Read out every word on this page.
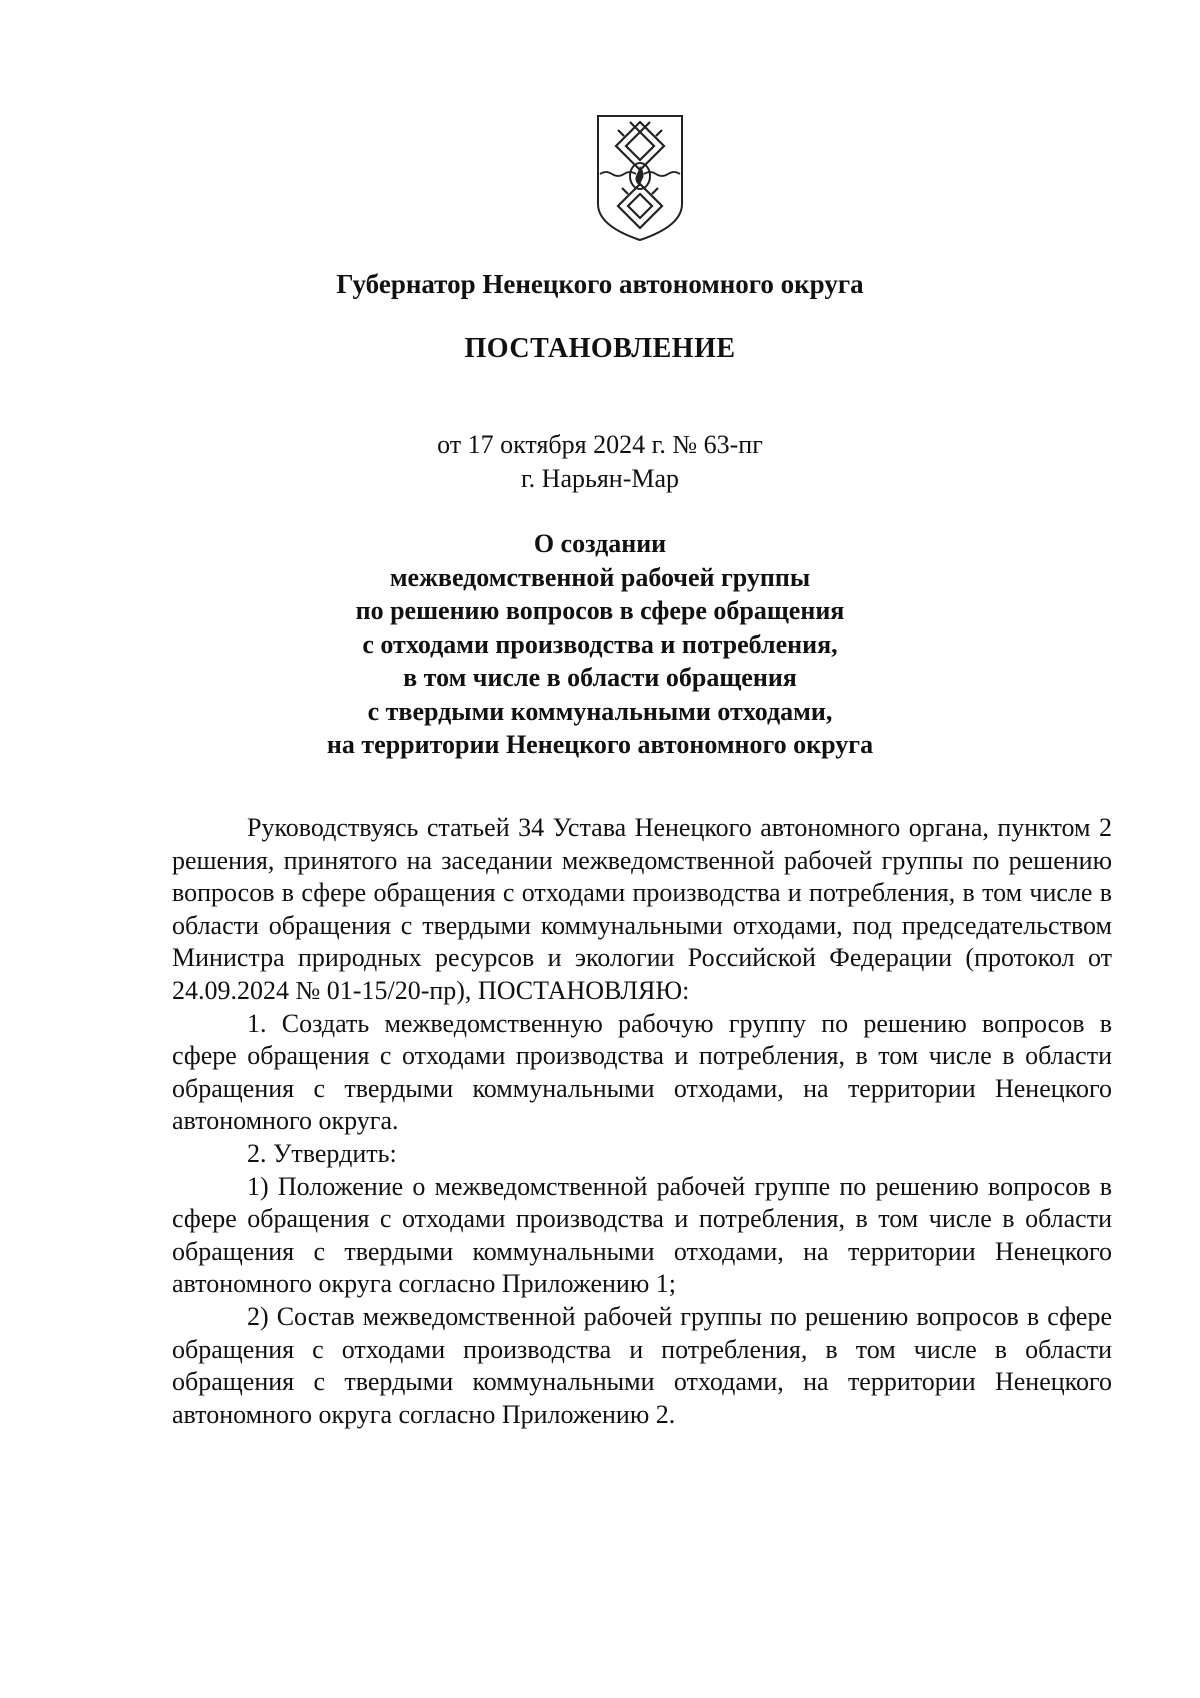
Губернатор Ненецкого автономного округа
ПОСТАНОВЛЕНИЕ
от 17 октября 2024 г. № 63-пг
г. Нарьян-Мар
О создании
межведомственной рабочей группы
по решению вопросов в сфере обращения
с отходами производства и потребления,
в том числе в области обращения
с твердыми коммунальными отходами,
на территории Ненецкого автономного округа

Руководствуясь статьей 34 Устава Ненецкого автономного органа, пунктом 2 решения, принятого на заседании межведомственной рабочей группы по решению вопросов в сфере обращения с отходами производства и потребления, в том числе в области обращения с твердыми коммунальными отходами, под председательством Министра природных ресурсов и экологии Российской Федерации (протокол от 24.09.2024 № 01-15/20-пр), ПОСТАНОВЛЯЮ:

1. Создать межведомственную рабочую группу по решению вопросов в сфере обращения с отходами производства и потребления, в том числе в области обращения с твердыми коммунальными отходами, на территории Ненецкого автономного округа.

2. Утвердить:

1) Положение о межведомственной рабочей группе по решению вопросов в сфере обращения с отходами производства и потребления, в том числе в области обращения с твердыми коммунальными отходами, на территории Ненецкого автономного округа согласно Приложению 1;

2) Состав межведомственной рабочей группы по решению вопросов в сфере обращения с отходами производства и потребления, в том числе в области обращения с твердыми коммунальными отходами, на территории Ненецкого автономного округа согласно Приложению 2.
